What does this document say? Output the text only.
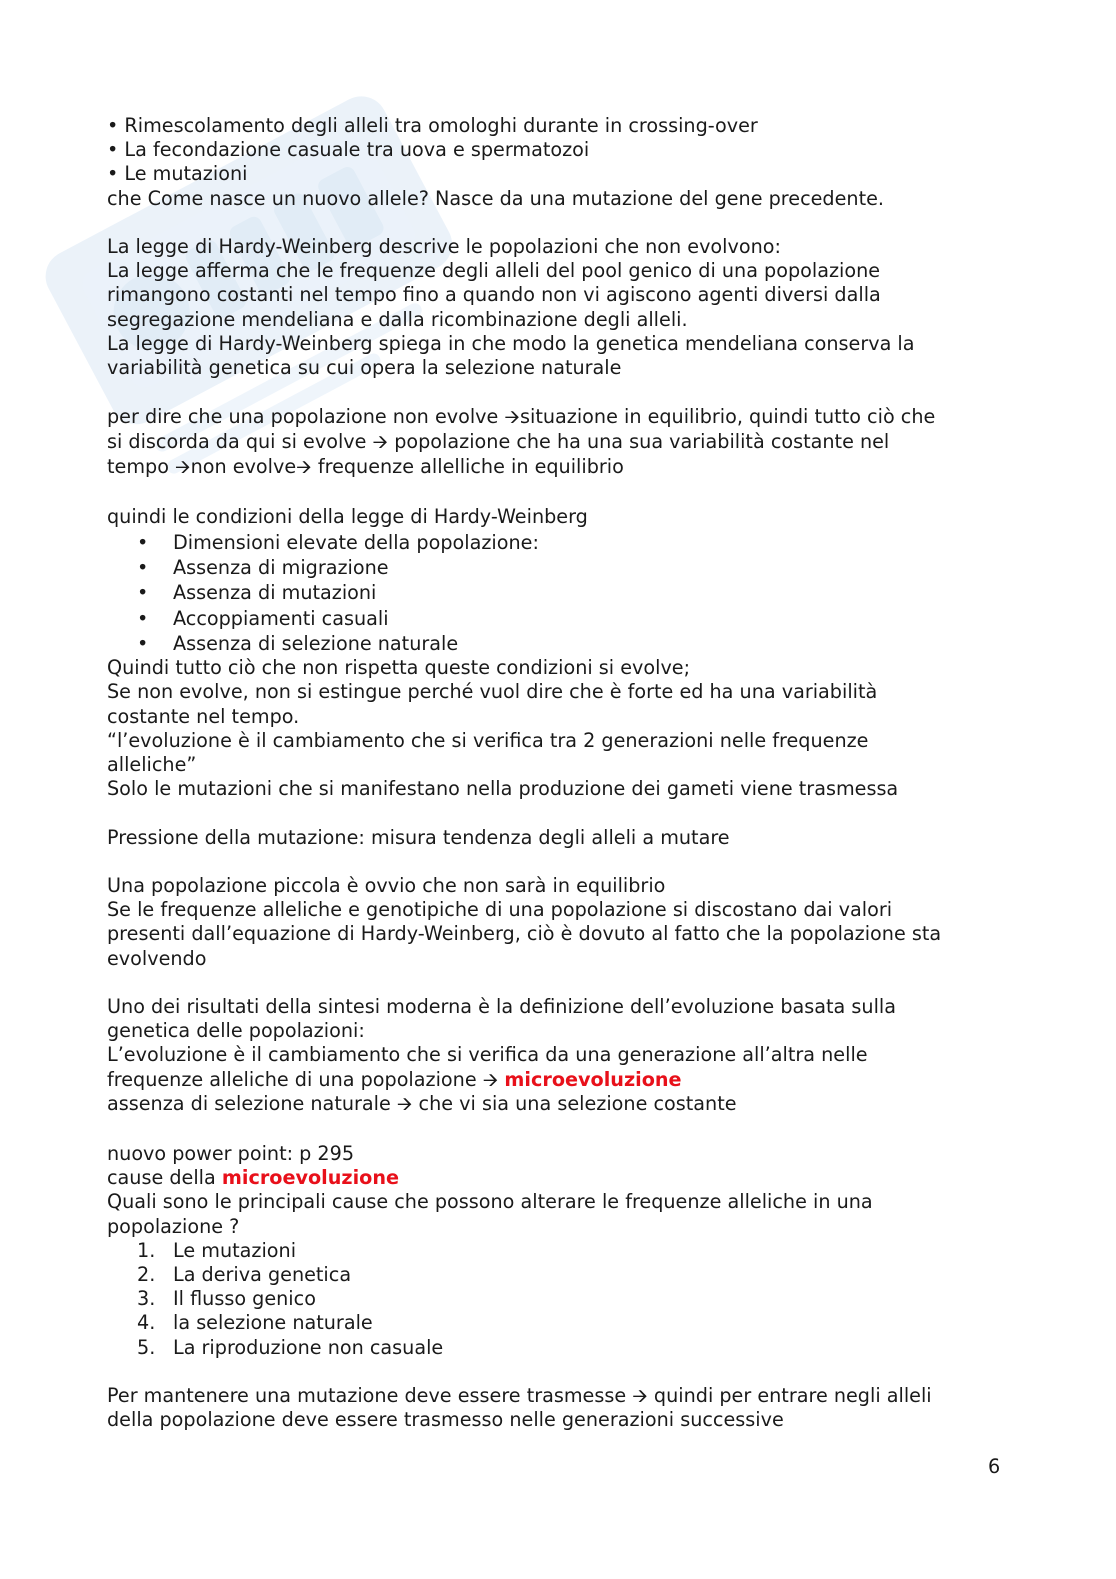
• Rimescolamento degli alleli tra omologhi durante in crossing-over
• La fecondazione casuale tra uova e spermatozoi
• Le mutazioni
che Come nasce un nuovo allele? Nasce da una mutazione del gene precedente.
La legge di Hardy-Weinberg descrive le popolazioni che non evolvono:
La legge afferma che le frequenze degli alleli del pool genico di una popolazione
rimangono costanti nel tempo fino a quando non vi agiscono agenti diversi dalla
segregazione mendeliana e dalla ricombinazione degli alleli.
La legge di Hardy-Weinberg spiega in che modo la genetica mendeliana conserva la
variabilità genetica su cui opera la selezione naturale
per dire che una popolazione non evolve 🡪situazione in equilibrio, quindi tutto ciò che
si discorda da qui si evolve 🡪 popolazione che ha una sua variabilità costante nel
tempo 🡪non evolve🡪 frequenze allelliche in equilibrio
quindi le condizioni della legge di Hardy-Weinberg
• Dimensioni elevate della popolazione:
• Assenza di migrazione
• Assenza di mutazioni
• Accoppiamenti casuali
• Assenza di selezione naturale
Quindi tutto ciò che non rispetta queste condizioni si evolve;
Se non evolve, non si estingue perché vuol dire che è forte ed ha una variabilità
costante nel tempo.
“l’evoluzione è il cambiamento che si verifica tra 2 generazioni nelle frequenze
alleliche”
Solo le mutazioni che si manifestano nella produzione dei gameti viene trasmessa
Pressione della mutazione: misura tendenza degli alleli a mutare
Una popolazione piccola è ovvio che non sarà in equilibrio
Se le frequenze alleliche e genotipiche di una popolazione si discostano dai valori
presenti dall’equazione di Hardy-Weinberg, ciò è dovuto al fatto che la popolazione sta
evolvendo
Uno dei risultati della sintesi moderna è la definizione dell’evoluzione basata sulla
genetica delle popolazioni:
L’evoluzione è il cambiamento che si verifica da una generazione all’altra nelle
frequenze alleliche di una popolazione 🡪 microevoluzione
assenza di selezione naturale 🡪 che vi sia una selezione costante
nuovo power point: p 295
cause della microevoluzione
Quali sono le principali cause che possono alterare le frequenze alleliche in una
popolazione ?
1. Le mutazioni
2. La deriva genetica
3. Il flusso genico
4. la selezione naturale
5. La riproduzione non casuale
Per mantenere una mutazione deve essere trasmesse 🡪 quindi per entrare negli alleli
della popolazione deve essere trasmesso nelle generazioni successive
6
